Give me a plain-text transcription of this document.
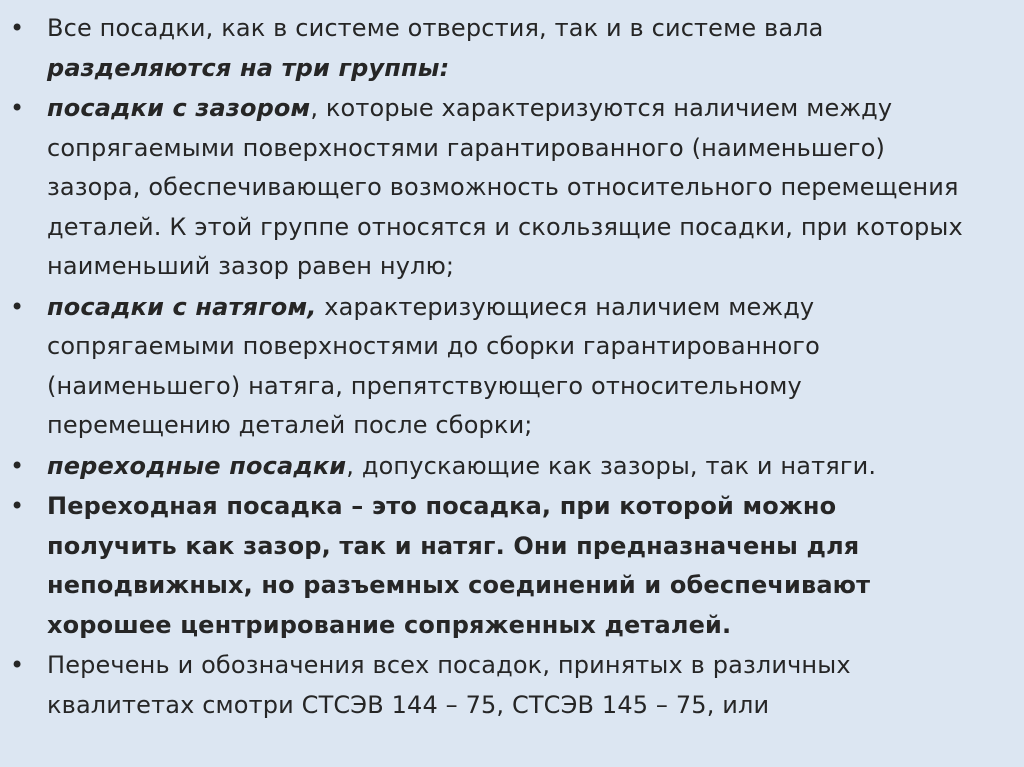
• Все посадки, как в системе отверстия, так и в системе вала разделяются на три группы:
• посадки с зазором, которые характеризуются наличием между сопрягаемыми поверхностями гарантированного (наименьшего) зазора, обеспечивающего возможность относительного перемещения деталей. К этой группе относятся и скользящие посадки, при которых наименьший зазор равен нулю;
• посадки с натягом, характеризующиеся наличием между сопрягаемыми поверхностями до сборки гарантированного (наименьшего) натяга, препятствующего относительному перемещению деталей после сборки;
• переходные посадки, допускающие как зазоры, так и натяги.
• Переходная посадка – это посадка, при которой можно получить как зазор, так и натяг. Они предназначены для неподвижных, но разъемных соединений и обеспечивают хорошее центрирование сопряженных деталей.
• Перечень и обозначения всех посадок, принятых в различных квалитетах смотри СТСЭВ 144 – 75, СТСЭВ 145 – 75, или
